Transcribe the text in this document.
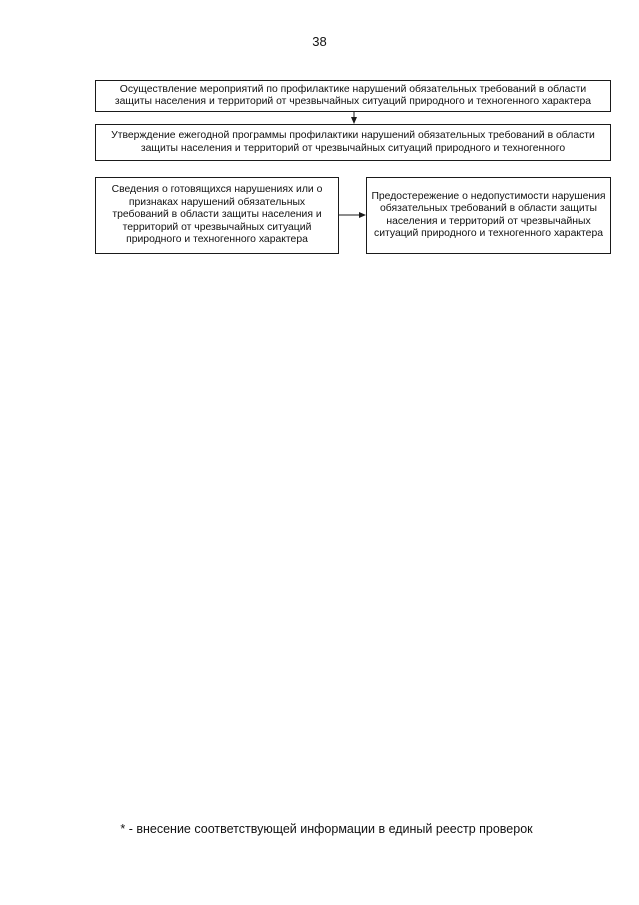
38
Осуществление мероприятий по профилактике нарушений обязательных требований в области защиты населения и территорий от чрезвычайных ситуаций природного и техногенного характера
Утверждение ежегодной программы профилактики нарушений обязательных требований в области защиты населения и территорий от чрезвычайных ситуаций природного и техногенного
Сведения о готовящихся нарушениях или о признаках нарушений обязательных требований в области защиты населения и территорий от чрезвычайных ситуаций природного и техногенного характера
Предостережение о недопустимости нарушения обязательных требований в области защиты населения и территорий от чрезвычайных ситуаций природного и техногенного характера
* - внесение соответствующей информации в единый реестр проверок
